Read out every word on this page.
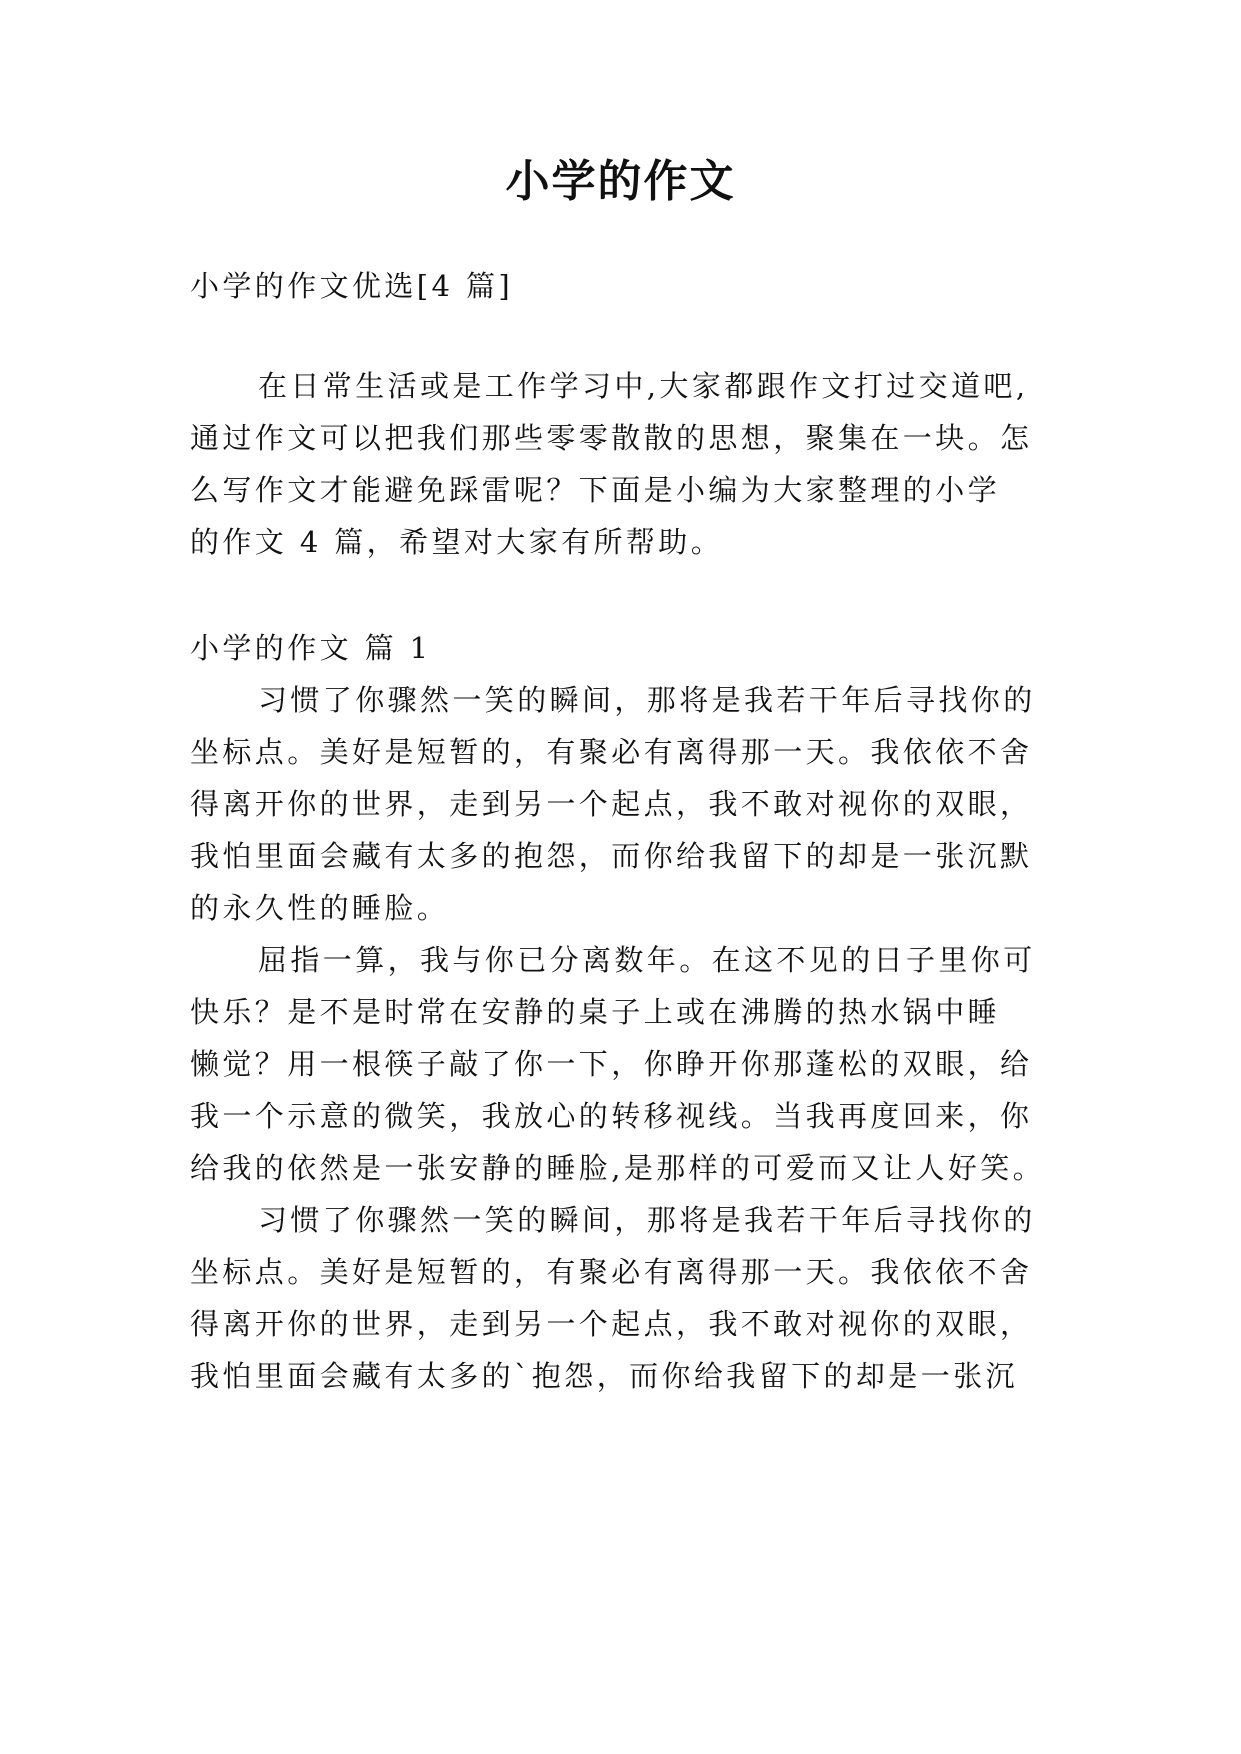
小学的作文

小学的作文优选[4 篇]

在日常生活或是工作学习中,大家都跟作文打过交道吧,

通过作文可以把我们那些零零散散的思想，聚集在一块。怎

么写作文才能避免踩雷呢？下面是小编为大家整理的小学

的作文 4 篇，希望对大家有所帮助。

小学的作文 篇 1

习惯了你骤然一笑的瞬间，那将是我若干年后寻找你的

坐标点。美好是短暂的，有聚必有离得那一天。我依依不舍

得离开你的世界，走到另一个起点，我不敢对视你的双眼，

我怕里面会藏有太多的抱怨，而你给我留下的却是一张沉默

的永久性的睡脸。

屈指一算，我与你已分离数年。在这不见的日子里你可

快乐？是不是时常在安静的桌子上或在沸腾的热水锅中睡

懒觉？用一根筷子敲了你一下，你睁开你那蓬松的双眼，给

我一个示意的微笑，我放心的转移视线。当我再度回来，你

给我的依然是一张安静的睡脸,是那样的可爱而又让人好笑。

习惯了你骤然一笑的瞬间，那将是我若干年后寻找你的

坐标点。美好是短暂的，有聚必有离得那一天。我依依不舍

得离开你的世界，走到另一个起点，我不敢对视你的双眼，

我怕里面会藏有太多的`抱怨，而你给我留下的却是一张沉
